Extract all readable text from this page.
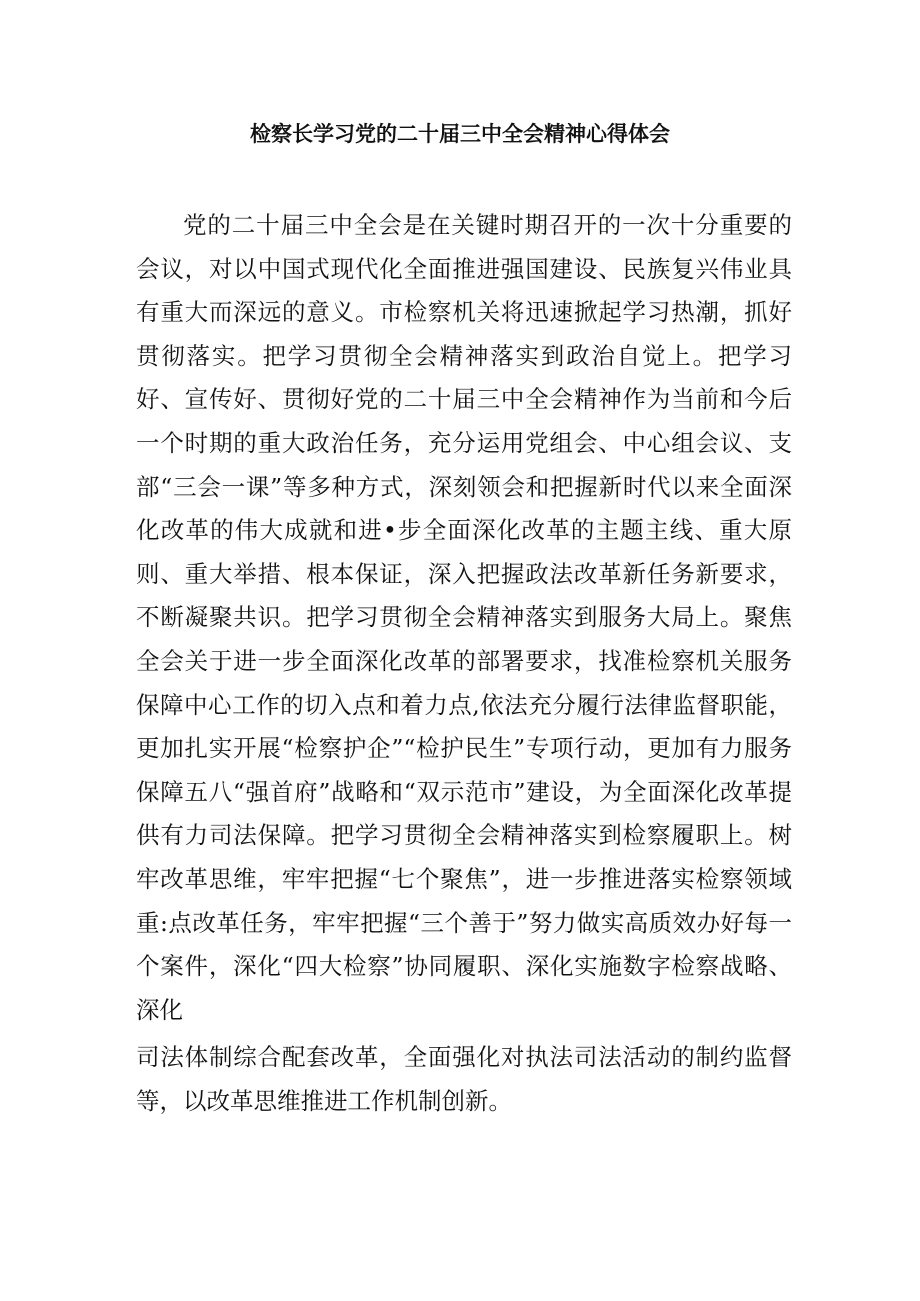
检察长学习党的二十届三中全会精神心得体会

党的二十届三中全会是在关键时期召开的一次十分重要的会议，对以中国式现代化全面推进强国建设、民族复兴伟业具有重大而深远的意义。市检察机关将迅速掀起学习热潮，抓好贯彻落实。把学习贯彻全会精神落实到政治自觉上。把学习好、宣传好、贯彻好党的二十届三中全会精神作为当前和今后一个时期的重大政治任务，充分运用党组会、中心组会议、支部“三会一课”等多种方式，深刻领会和把握新时代以来全面深化改革的伟大成就和进•步全面深化改革的主题主线、重大原则、重大举措、根本保证，深入把握政法改革新任务新要求，不断凝聚共识。把学习贯彻全会精神落实到服务大局上。聚焦全会关于进一步全面深化改革的部署要求，找准检察机关服务保障中心工作的切入点和着力点,依法充分履行法律监督职能，更加扎实开展“检察护企”“检护民生”专项行动，更加有力服务保障五八“强首府”战略和“双示范市”建设，为全面深化改革提供有力司法保障。把学习贯彻全会精神落实到检察履职上。树牢改革思维，牢牢把握“七个聚焦”，进一步推进落实检察领域重:点改革任务，牢牢把握“三个善于”努力做实高质效办好每一个案件，深化“四大检察”协同履职、深化实施数字检察战略、深化

司法体制综合配套改革，全面强化对执法司法活动的制约监督等，以改革思维推进工作机制创新。
